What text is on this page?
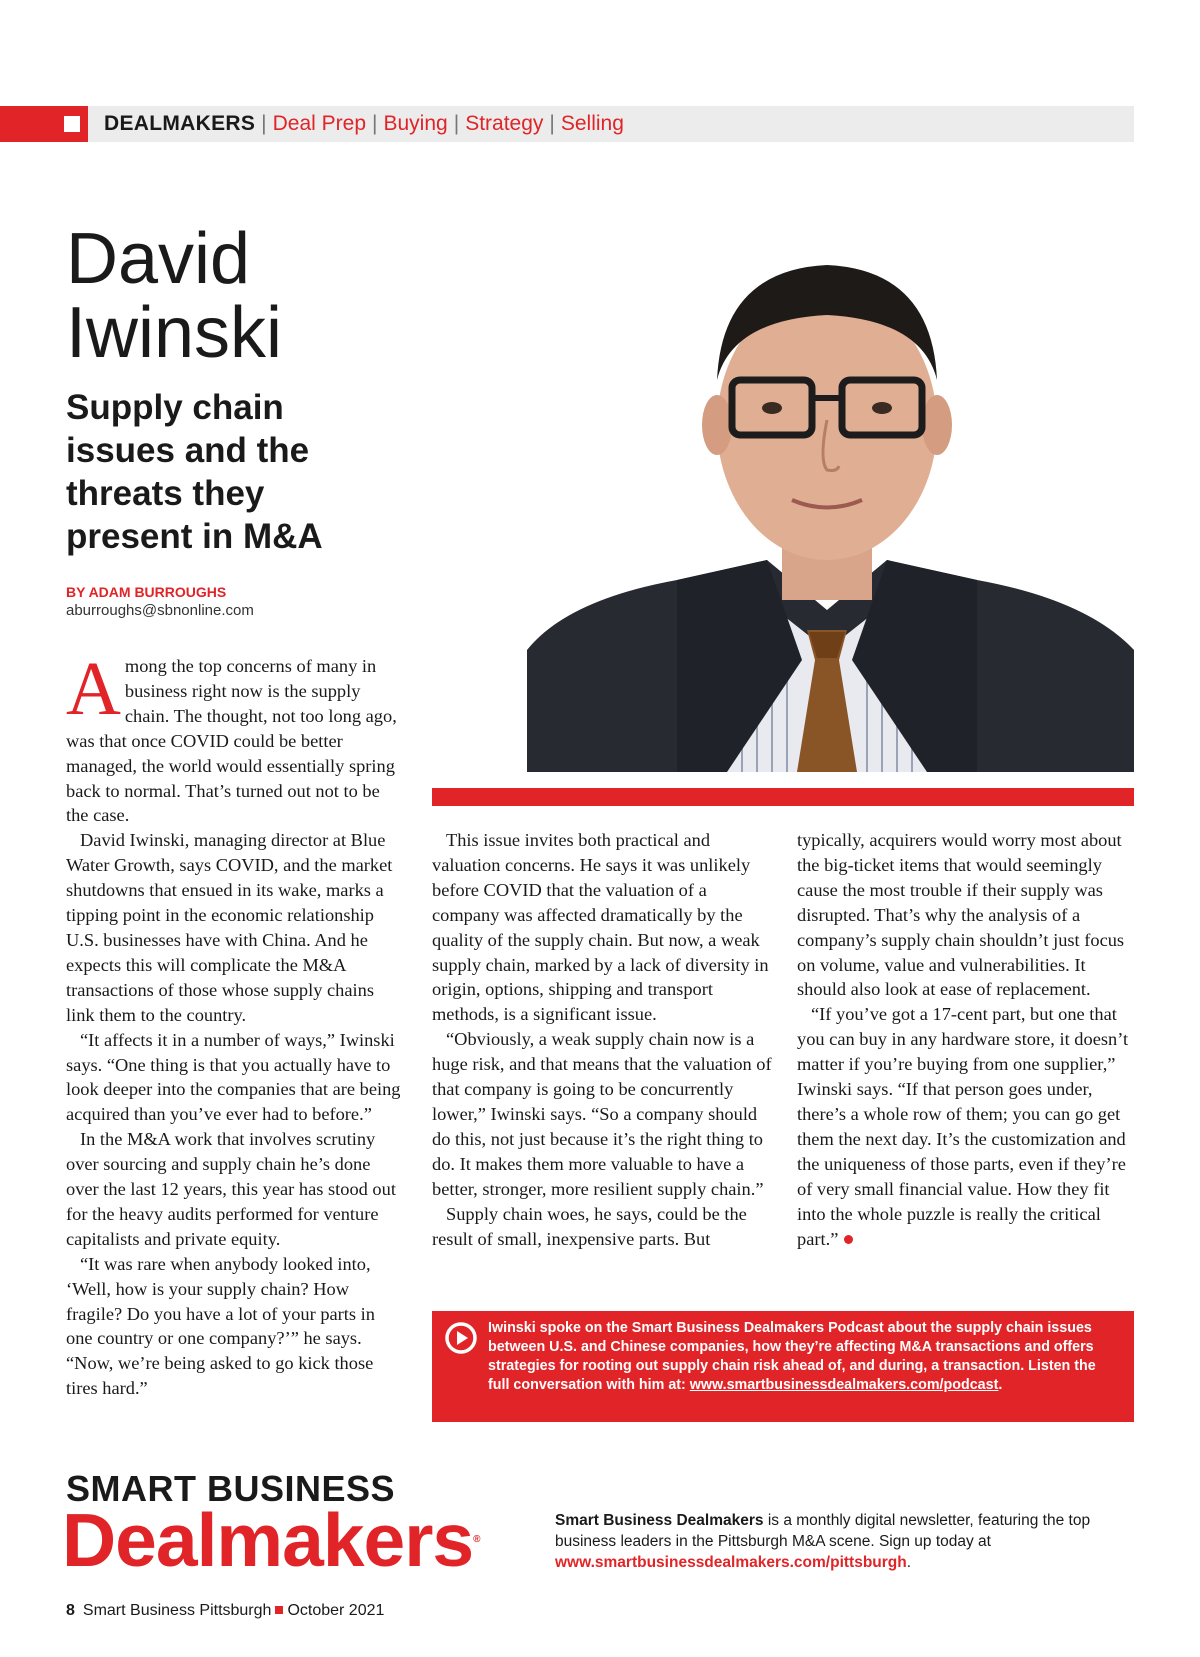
DEALMAKERS | Deal Prep | Buying | Strategy | Selling
David
Iwinski
Supply chain issues and the threats they present in M&A
BY ADAM BURROUGHS
aburroughs@sbnonline.com

Among the top concerns of many in business right now is the supply chain. The thought, not too long ago, was that once COVID could be better managed, the world would essentially spring back to normal. That’s turned out not to be the case.

David Iwinski, managing director at Blue Water Growth, says COVID, and the market shutdowns that ensued in its wake, marks a tipping point in the economic relationship U.S. businesses have with China. And he expects this will complicate the M&A transactions of those whose supply chains link them to the country.

“It affects it in a number of ways,” Iwinski says. “One thing is that you actually have to look deeper into the companies that are being acquired than you’ve ever had to before.”

In the M&A work that involves scrutiny over sourcing and supply chain he’s done over the last 12 years, this year has stood out for the heavy audits performed for venture capitalists and private equity.

“It was rare when anybody looked into, ‘Well, how is your supply chain? How fragile? Do you have a lot of your parts in one country or one company?’” he says. “Now, we’re being asked to go kick those tires hard.”

This issue invites both practical and valuation concerns. He says it was unlikely before COVID that the valuation of a company was affected dramatically by the quality of the supply chain. But now, a weak supply chain, marked by a lack of diversity in origin, options, shipping and transport methods, is a significant issue.

“Obviously, a weak supply chain now is a huge risk, and that means that the valuation of that company is going to be concurrently lower,” Iwinski says. “So a company should do this, not just because it’s the right thing to do. It makes them more valuable to have a better, stronger, more resilient supply chain.”

Supply chain woes, he says, could be the result of small, inexpensive parts. But

typically, acquirers would worry most about the big-ticket items that would seemingly cause the most trouble if their supply was disrupted. That’s why the analysis of a company’s supply chain shouldn’t just focus on volume, value and vulnerabilities. It should also look at ease of replacement.

“If you’ve got a 17-cent part, but one that you can buy in any hardware store, it doesn’t matter if you’re buying from one supplier,” Iwinski says. “If that person goes under, there’s a whole row of them; you can go get them the next day. It’s the customization and the uniqueness of those parts, even if they’re of very small financial value. How they fit into the whole puzzle is really the critical part.”

Iwinski spoke on the Smart Business Dealmakers Podcast about the supply chain issues between U.S. and Chinese companies, how they’re affecting M&A transactions and offers strategies for rooting out supply chain risk ahead of, and during, a transaction. Listen the full conversation with him at: www.smartbusinessdealmakers.com/podcast.
SMART BUSINESS
Dealmakers®
Smart Business Dealmakers is a monthly digital newsletter, featuring the top business leaders in the Pittsburgh M&A scene. Sign up today at www.smartbusinessdealmakers.com/pittsburgh.
8 Smart Business Pittsburgh October 2021
